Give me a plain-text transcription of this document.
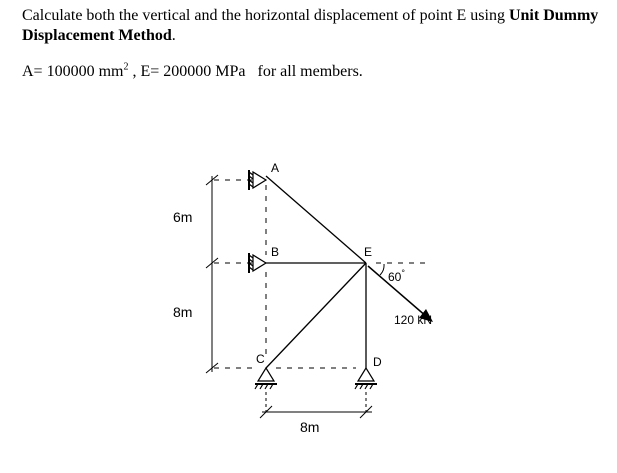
Calculate both the vertical and the horizontal displacement of point E using Unit Dummy Displacement Method.
A= 100000 $mm^2$ , E= 200000 MPa for all members.
A
B
C	D
E
6m
8m
8m
60°
120 kN
